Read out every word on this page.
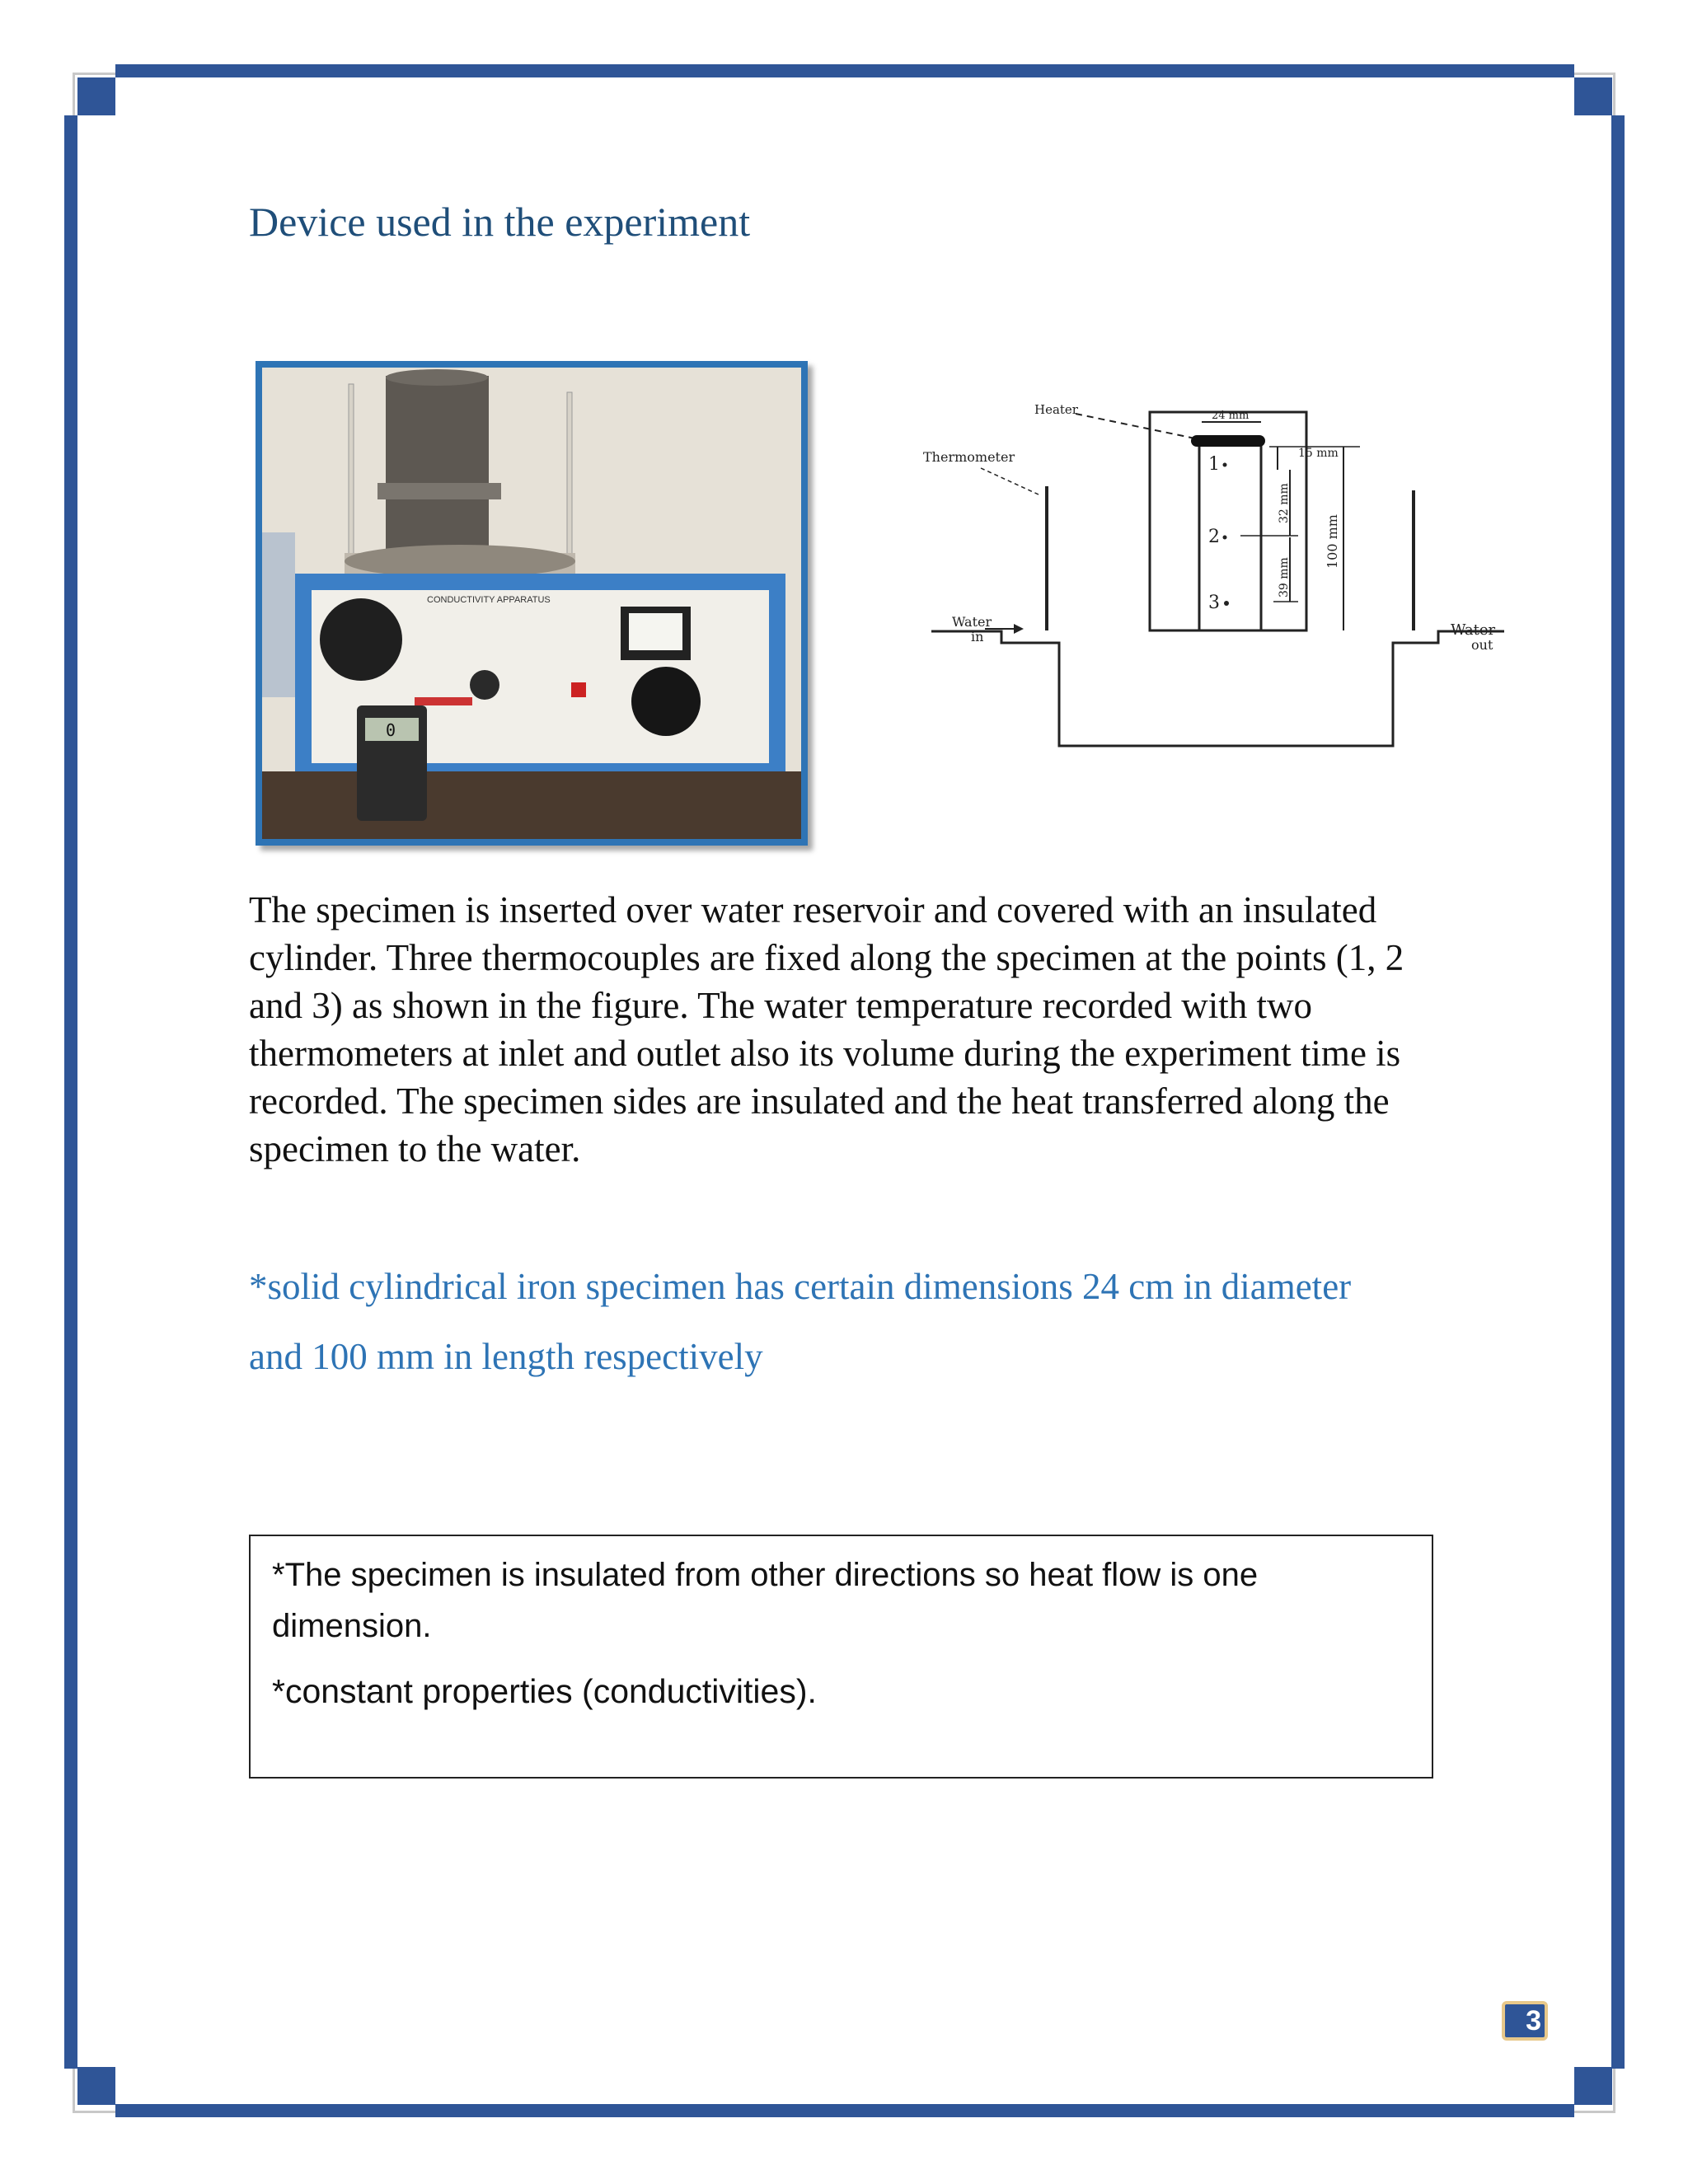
Device used in the experiment
CONDUCTIVITY APPARATUS
0
Heater
Thermometer
Water
in	Water
out
24 mm
15 mm
32 mm
39 mm
100 mm
1
2
3
The specimen is inserted over water reservoir and covered with an insulated cylinder. Three thermocouples are fixed along the specimen at the points (1, 2 and 3) as shown in the figure. The water temperature recorded with two thermometers at inlet and outlet also its volume during the experiment time is recorded. The specimen sides are insulated and the heat transferred along the specimen to the water.
*solid cylindrical iron specimen has certain dimensions 24 cm in diameter
and 100 mm in length respectively

*The specimen is insulated from other directions so heat flow is one dimension.

*constant properties (conductivities).

3
